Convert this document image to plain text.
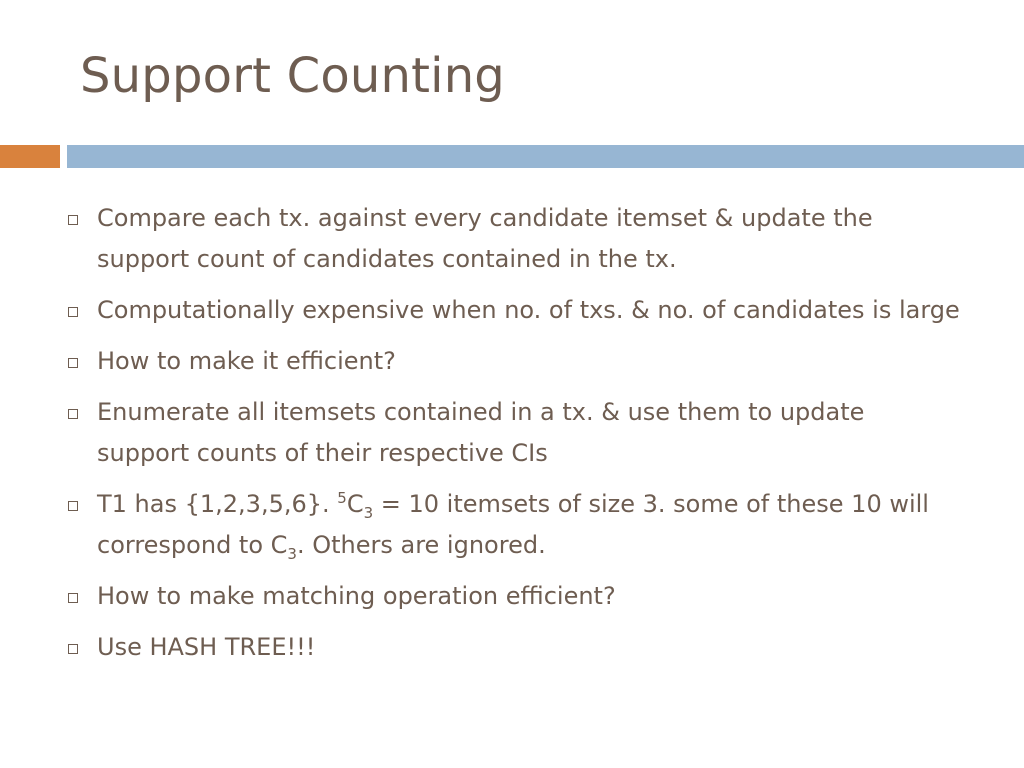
Support Counting
Compare each tx. against every candidate itemset & update the support count of candidates contained in the tx.
Computationally expensive when no. of txs. & no. of candidates is large
How to make it efficient?
Enumerate all itemsets contained in a tx. & use them to update support counts of their respective CIs
T1 has {1,2,3,5,6}. $^5C_3 = 10$ itemsets of size 3. some of these 10 will correspond to $C_3$. Others are ignored.
How to make matching operation efficient?
Use HASH TREE!!!
